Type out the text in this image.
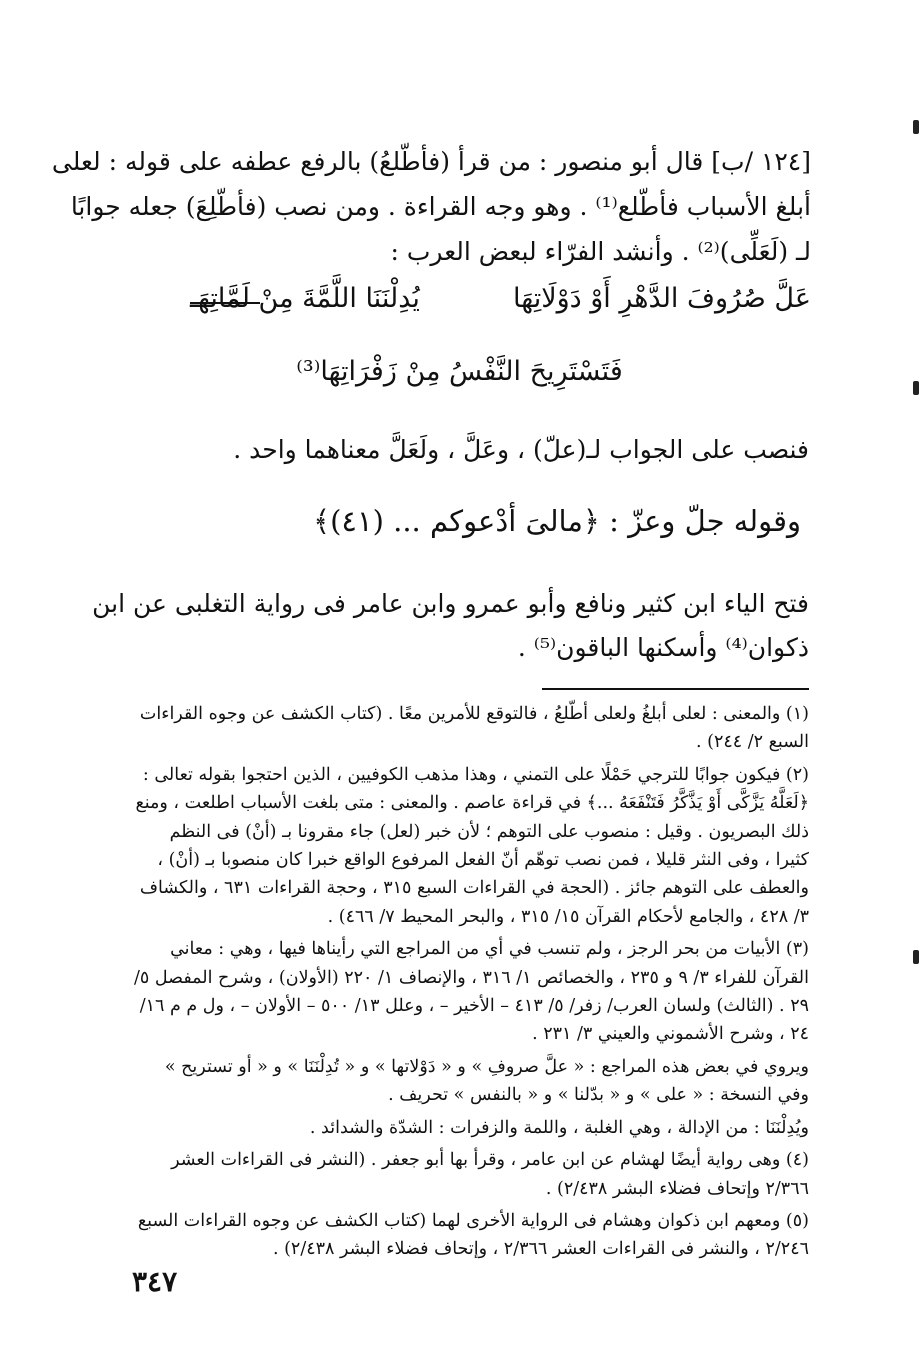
[١٢٤ /ب] قال أبو منصور : من قرأ (فأطّلعُ) بالرفع عطفه على قوله : لعلى
أبلغ الأسباب فأطّلع⁽¹⁾ . وهو وجه القراءة . ومن نصب (فأطّلِعَ) جعله جوابًا
لـ (لَعَلِّى)⁽²⁾ . وأنشد الفرّاء لبعض العرب :
عَلَّ صُرُوفَ الدَّهْرِ أَوْ دَوْلَاتِهَا
يُدِلْنَنَا اللَّمَّةَ مِنْ لَمَّاتِهَـ
فَتَسْتَرِيحَ النَّفْسُ مِنْ زَفْرَاتِهَا⁽³⁾
فنصب على الجواب لـ(علّ) ، وعَلَّ ، ولَعَلَّ معناهما واحد .
وقوله جلّ وعزّ : ﴿مالىَ أدْعوكم ... (٤١)﴾
فتح الياء ابن كثير ونافع وأبو عمرو وابن عامر فى رواية التغلبى عن ابن
ذكوان⁽⁴⁾ وأسكنها الباقون⁽⁵⁾ .
(١) والمعنى : لعلى أبلغُ ولعلى أطّلعُ ، فالتوقع للأمرين معًا . (كتاب الكشف عن وجوه القراءات السبع ٢/ ٢٤٤) .
(٢) فيكون جوابًا للترجي حَمْلًا على التمني ، وهذا مذهب الكوفيين ، الذين احتجوا بقوله تعالى : ﴿لَعَلَّهُ يَزَّكَّى أَوْ يَذَّكَّرُ فَتَنْفَعَهُ ...﴾ في قراءة عاصم . والمعنى : متى بلغت الأسباب اطلعت ، ومنع ذلك البصريون . وقيل : منصوب على التوهم ؛ لأن خبر (لعل) جاء مقرونا بـ (أنْ) فى النظم كثيرا ، وفى النثر قليلا ، فمن نصب توهّم أنّ الفعل المرفوع الواقع خبرا كان منصوبا بـ (أنْ) ، والعطف على التوهم جائز . (الحجة في القراءات السبع ٣١٥ ، وحجة القراءات ٦٣١ ، والكشاف ٣/ ٤٢٨ ، والجامع لأحكام القرآن ١٥/ ٣١٥ ، والبحر المحيط ٧/ ٤٦٦) .
(٣) الأبيات من بحر الرجز ، ولم تنسب في أي من المراجع التي رأيناها فيها ، وهي : معاني القرآن للفراء ٣/ ٩ و ٢٣٥ ، والخصائص ١/ ٣١٦ ، والإنصاف ١/ ٢٢٠ (الأولان) ، وشرح المفصل ٥/ ٢٩ . (الثالث) ولسان العرب/ زفر/ ٥/ ٤١٣ – الأخير – ، وعلل ١٣/ ٥٠٠ – الأولان – ، ول م م ١٦/ ٢٤ ، وشرح الأشموني والعيني ٣/ ٢٣١ .
ويروي في بعض هذه المراجع : « علَّ صروفِ » و « دَوْلاتها » و « تُدِلْنَنَا » و « أو تستريح » وفي النسخة : « على » و « بدّلنا » و « بالنفس » تحريف .
ويُدِلْنَنَا : من الإدالة ، وهي الغلبة ، واللمة والزفرات : الشدّة والشدائد .
(٤) وهى رواية أيضًا لهشام عن ابن عامر ، وقرأ بها أبو جعفر . (النشر فى القراءات العشر ٢/٣٦٦ وإتحاف فضلاء البشر ٢/٤٣٨) .
(٥) ومعهم ابن ذكوان وهشام فى الرواية الأخرى لهما (كتاب الكشف عن وجوه القراءات السبع ٢/٢٤٦ ، والنشر فى القراءات العشر ٢/٣٦٦ ، وإتحاف فضلاء البشر ٢/٤٣٨) .
٣٤٧
